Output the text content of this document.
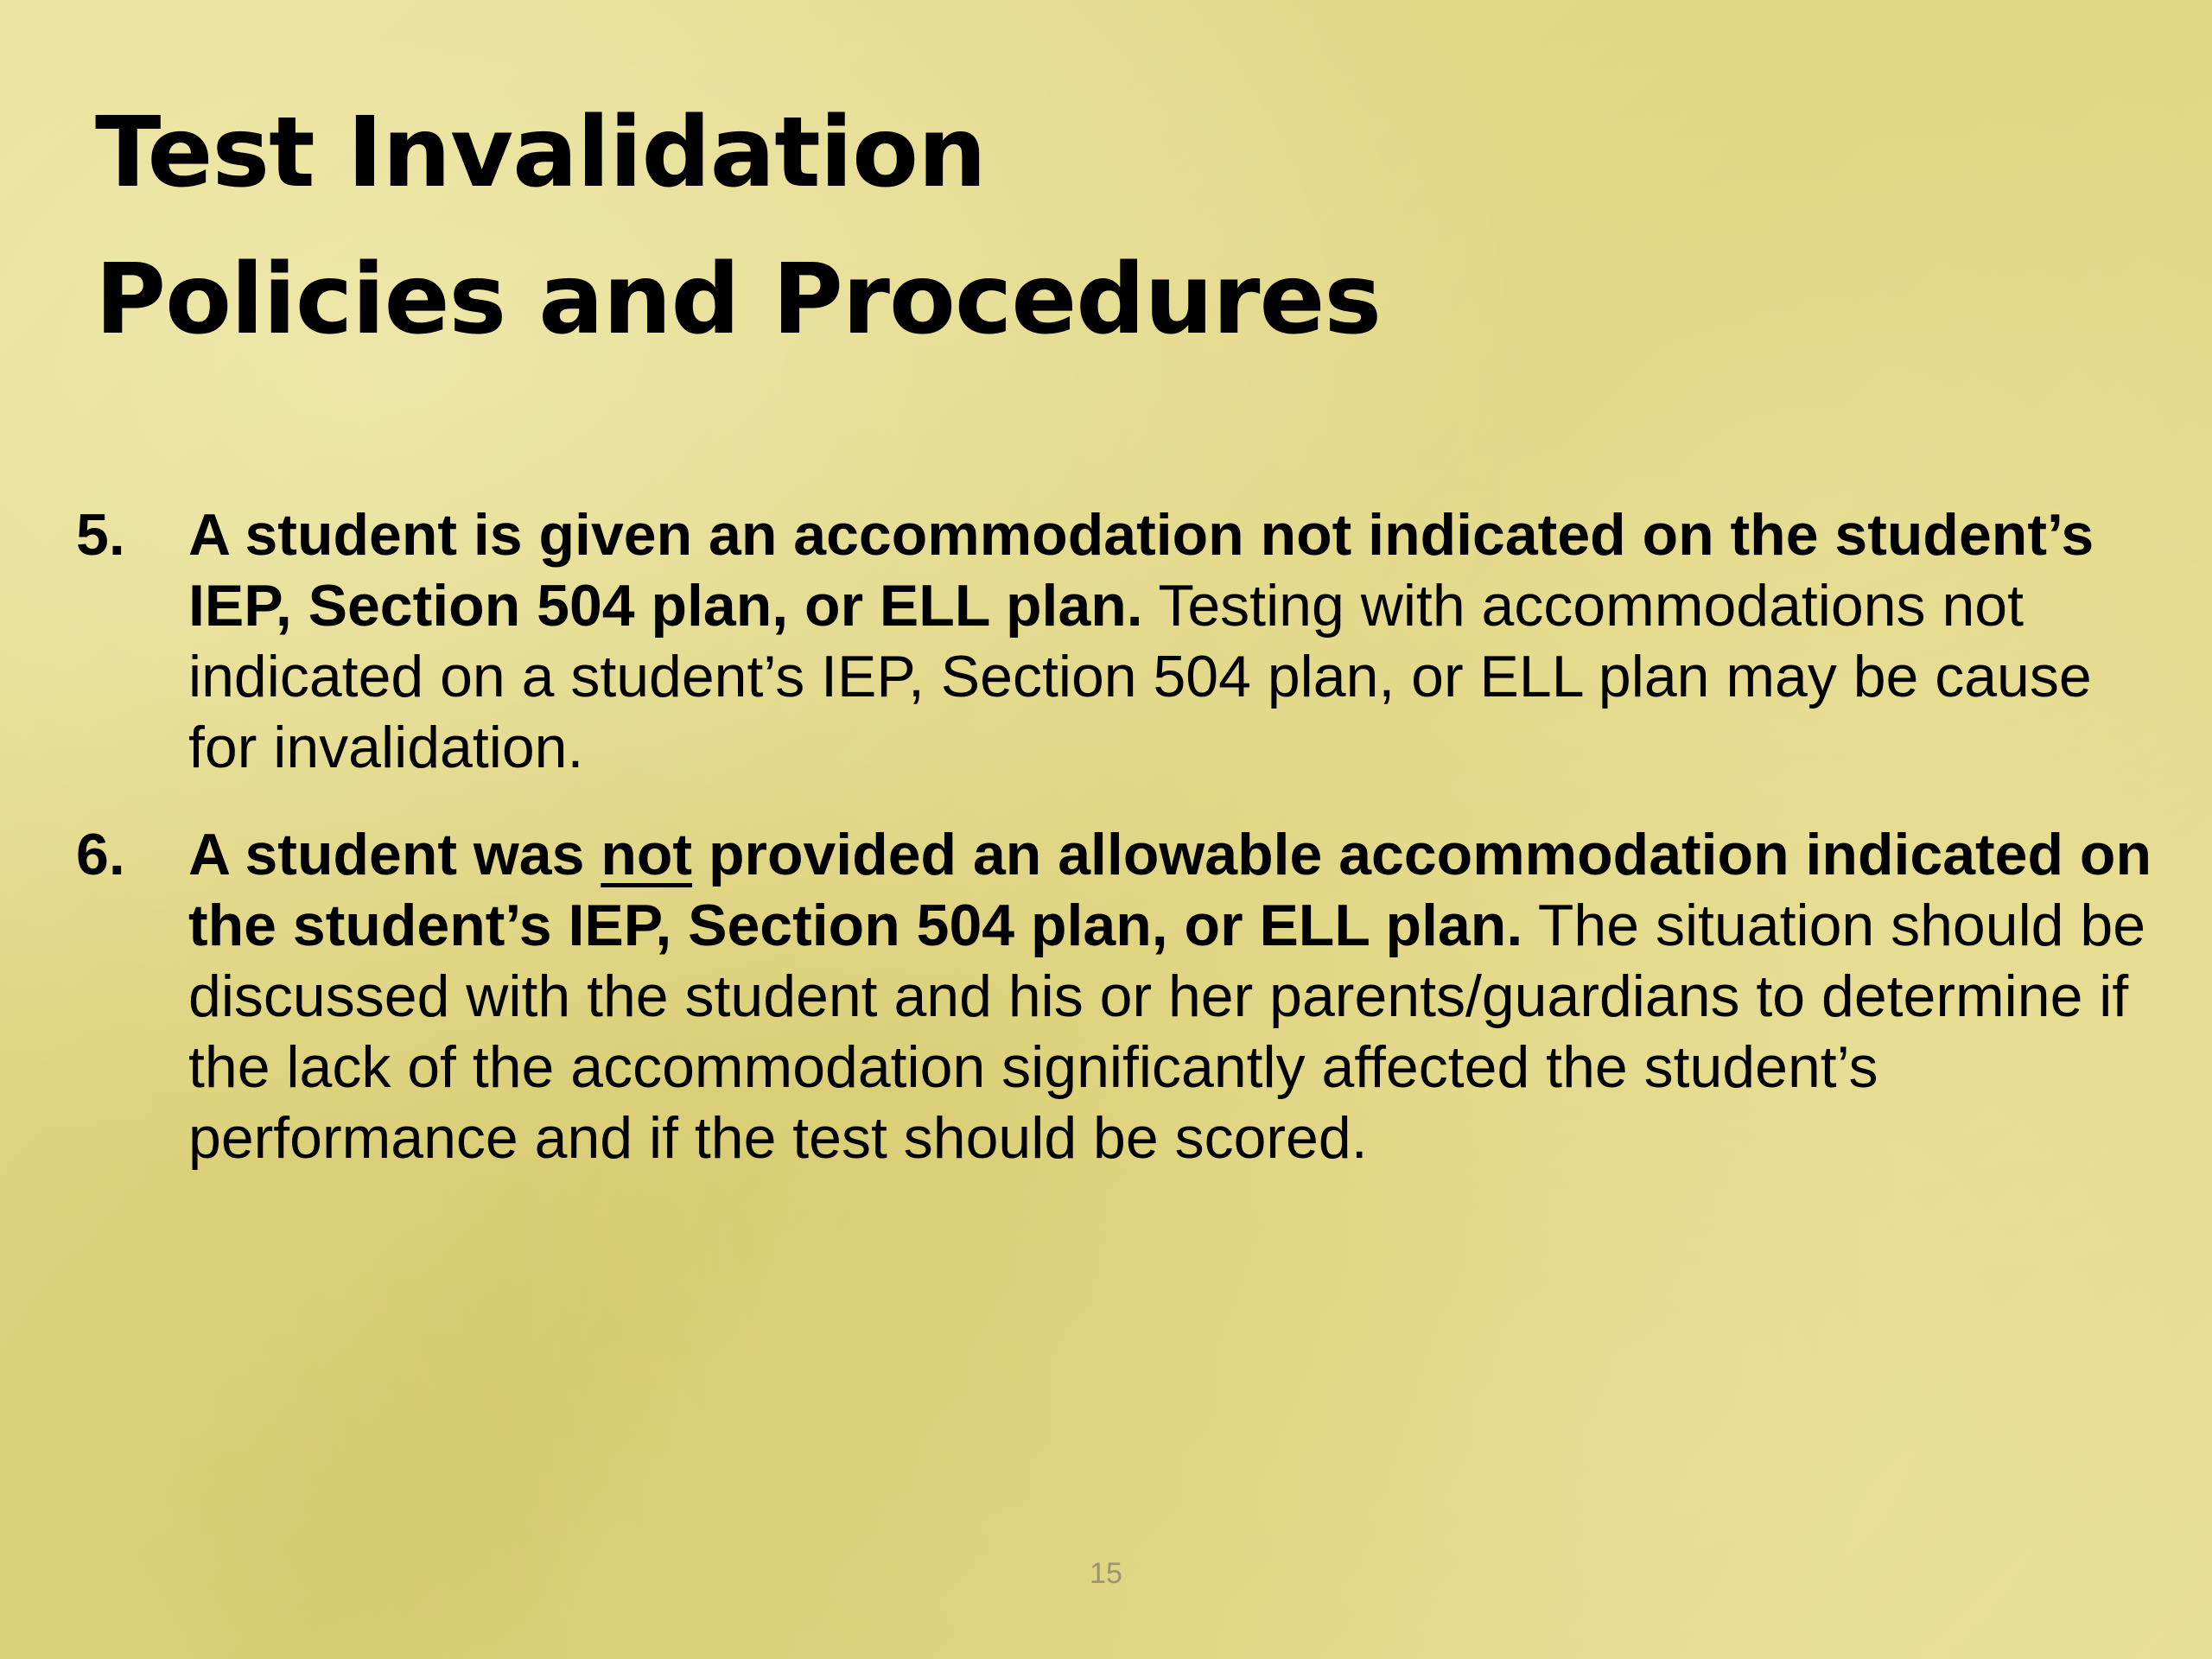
Test Invalidation
Policies and Procedures
5. A student is given an accommodation not indicated on the student’s IEP, Section 504 plan, or ELL plan. Testing with accommodations not indicated on a student’s IEP, Section 504 plan, or ELL plan may be cause for invalidation.
6. A student was not provided an allowable accommodation indicated on the student’s IEP, Section 504 plan, or ELL plan. The situation should be discussed with the student and his or her parents/guardians to determine if the lack of the accommodation significantly affected the student’s performance and if the test should be scored.
15
